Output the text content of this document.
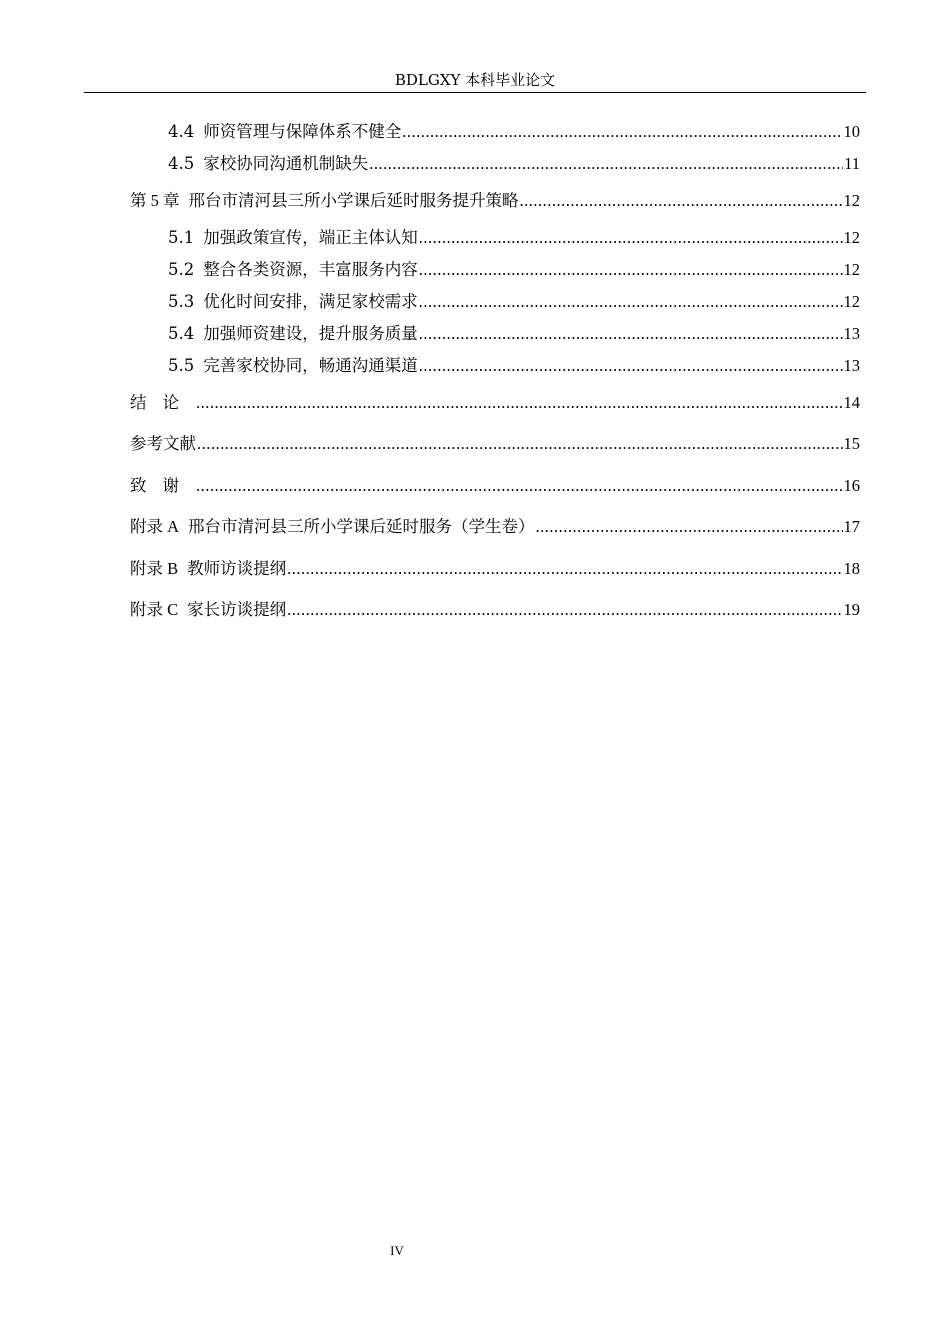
BDLGXY 本科毕业论文
4.4 师资管理与保障体系不健全 .....	10
4.5 家校协同沟通机制缺失 .....	11
第 5 章 邢台市清河县三所小学课后延时服务提升策略 .....	12
5.1 加强政策宣传，端正主体认知 .....	12
5.2 整合各类资源，丰富服务内容 .....	12
5.3 优化时间安排，满足家校需求 .....	12
5.4 加强师资建设，提升服务质量 .....	13
5.5 完善家校协同，畅通沟通渠道 .....	13
结论 .....	14
参考文献 .....	15
致谢 .....	16
附录 A 邢台市清河县三所小学课后延时服务（学生卷） .....	17
附录 B 教师访谈提纲 .....	18
附录 C 家长访谈提纲 .....	19
IV
